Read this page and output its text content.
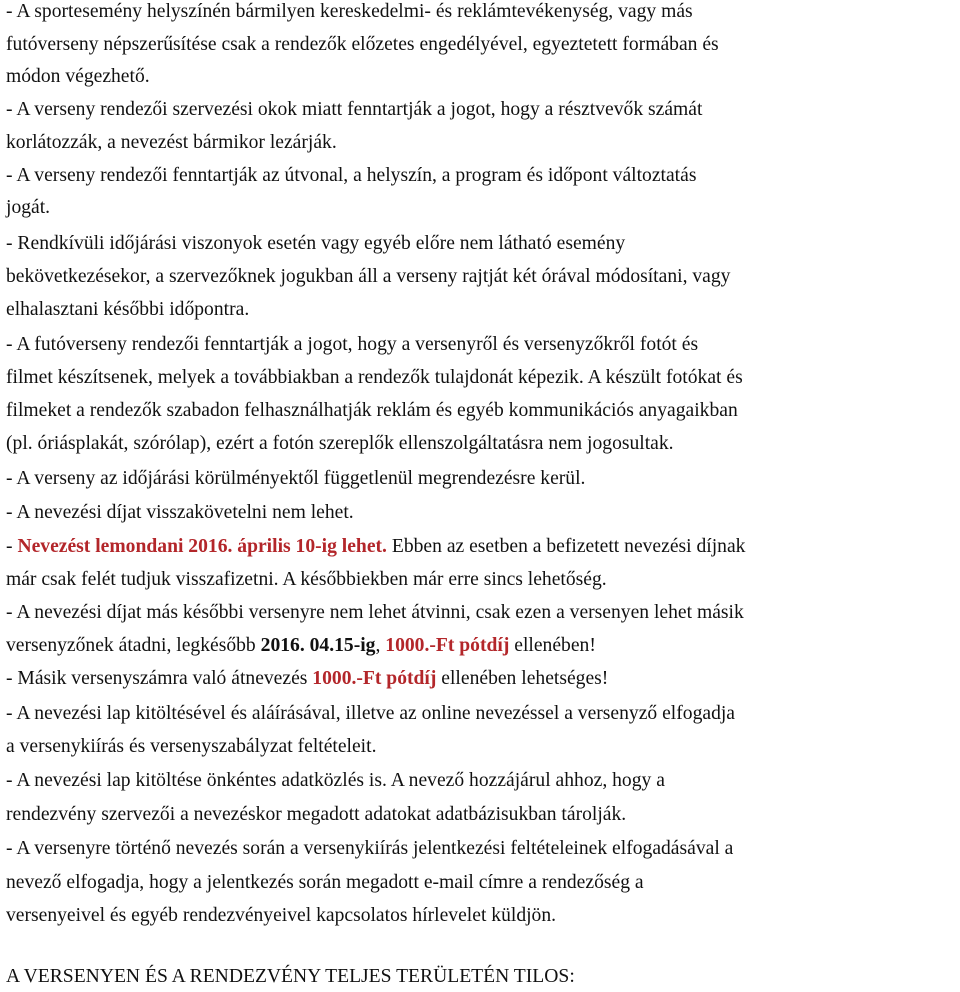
- A sportesemény helyszínén bármilyen kereskedelmi- és reklámtevékenység, vagy más
futóverseny népszerűsítése csak a rendezők előzetes engedélyével, egyeztetett formában és
módon végezhető.
- A verseny rendezői szervezési okok miatt fenntartják a jogot, hogy a résztvevők számát
korlátozzák, a nevezést bármikor lezárják.
- A verseny rendezői fenntartják az útvonal, a helyszín, a program és időpont változtatás
jogát.
- Rendkívüli időjárási viszonyok esetén vagy egyéb előre nem látható esemény
bekövetkezésekor, a szervezőknek jogukban áll a verseny rajtját két órával módosítani, vagy
elhalasztani későbbi időpontra.
- A futóverseny rendezői fenntartják a jogot, hogy a versenyről és versenyzőkről fotót és
filmet készítsenek, melyek a továbbiakban a rendezők tulajdonát képezik. A készült fotókat és
filmeket a rendezők szabadon felhasználhatják reklám és egyéb kommunikációs anyagaikban
(pl. óriásplakát, szórólap), ezért a fotón szereplők ellenszolgáltatásra nem jogosultak.
- A verseny az időjárási körülményektől függetlenül megrendezésre kerül.
- A nevezési díjat visszakövetelni nem lehet.
- Nevezést lemondani 2016. április 10-ig lehet. Ebben az esetben a befizetett nevezési díjnak
már csak felét tudjuk visszafizetni. A későbbiekben már erre sincs lehetőség.
- A nevezési díjat más későbbi versenyre nem lehet átvinni, csak ezen a versenyen lehet másik
versenyzőnek átadni, legkésőbb 2016. 04.15-ig, 1000.-Ft pótdíj ellenében!
- Másik versenyszámra való átnevezés 1000.-Ft pótdíj ellenében lehetséges!
- A nevezési lap kitöltésével és aláírásával, illetve az online nevezéssel a versenyző elfogadja
a versenykiírás és versenyszabályzat feltételeit.
- A nevezési lap kitöltése önkéntes adatközlés is. A nevező hozzájárul ahhoz, hogy a
rendezvény szervezői a nevezéskor megadott adatokat adatbázisukban tárolják.
- A versenyre történő nevezés során a versenykiírás jelentkezési feltételeinek elfogadásával a
nevező elfogadja, hogy a jelentkezés során megadott e-mail címre a rendezőség a
versenyeivel és egyéb rendezvényeivel kapcsolatos hírlevelet küldjön.
A VERSENYEN ÉS A RENDEZVÉNY TELJES TERÜLETÉN TILOS:
